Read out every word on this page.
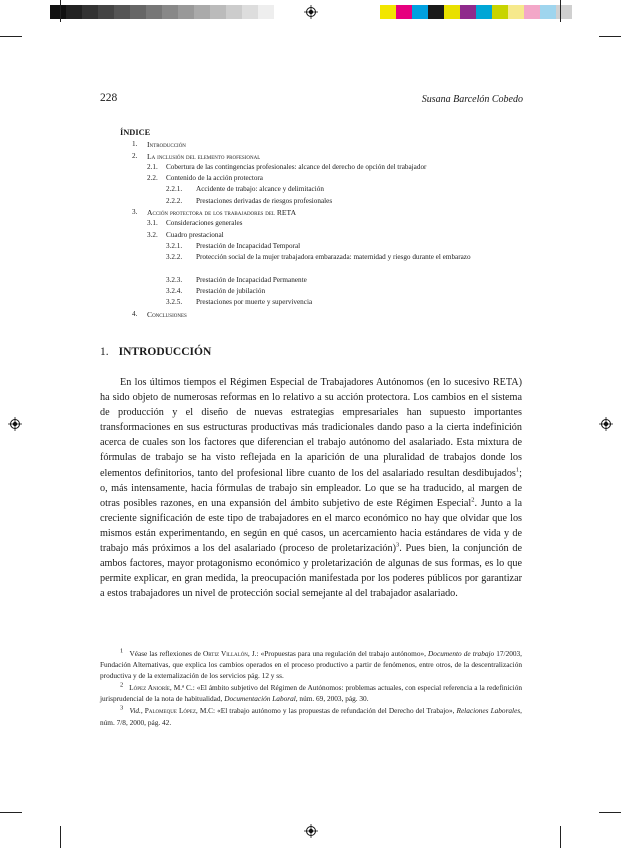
228	Susana Barcelón Cobedo
ÍNDICE
1. Introducción
2. La inclusión del elemento profesional
2.1. Cobertura de las contingencias profesionales: alcance del derecho de opción del trabajador
2.2. Contenido de la acción protectora
2.2.1. Accidente de trabajo: alcance y delimitación
2.2.2. Prestaciones derivadas de riesgos profesionales
3. Acción protectora de los trabajadores del RETA
3.1. Consideraciones generales
3.2. Cuadro prestacional
3.2.1. Prestación de Incapacidad Temporal
3.2.2. Protección social de la mujer trabajadora embarazada: maternidad y riesgo durante el embarazo
3.2.3. Prestación de Incapacidad Permanente
3.2.4. Prestación de jubilación
3.2.5. Prestaciones por muerte y supervivencia
4. Conclusiones
1. INTRODUCCIÓN

En los últimos tiempos el Régimen Especial de Trabajadores Autónomos (en lo sucesivo RETA) ha sido objeto de numerosas reformas en lo relativo a su acción protectora. Los cambios en el sistema de producción y el diseño de nuevas estrategias empresariales han supuesto importantes transformaciones en sus estructuras productivas más tradicionales dando paso a la cierta indefinición acerca de cuales son los factores que diferencian el trabajo autónomo del asalariado. Esta mixtura de fórmulas de trabajo se ha visto reflejada en la aparición de una pluralidad de trabajos donde los elementos definitorios, tanto del profesional libre cuanto de los del asalariado resultan desdibujados$^1$; o, más intensamente, hacia fórmulas de trabajo sin empleador. Lo que se ha traducido, al margen de otras posibles razones, en una expansión del ámbito subjetivo de este Régimen Especial$^2$. Junto a la creciente significación de este tipo de trabajadores en el marco económico no hay que olvidar que los mismos están experimentando, en según en qué casos, un acercamiento hacia estándares de vida y de trabajo más próximos a los del asalariado (proceso de proletarización)$^3$. Pues bien, la conjunción de ambos factores, mayor protagonismo económico y proletarización de algunas de sus formas, es lo que permite explicar, en gran medida, la preocupación manifestada por los poderes públicos por garantizar a estos trabajadores un nivel de protección social semejante al del trabajador asalariado.

$^1$ Véase las reflexiones de Ortiz Villalón, J.: «Propuestas para una regulación del trabajo autónomo», Documento de trabajo 17/2003, Fundación Alternativas, que explica los cambios operados en el proceso productivo a partir de fenómenos, entre otros, de la descentralización productiva y de la externalización de los servicios pág. 12 y ss.

$^2$ López Anioríe, M.ª C.: «El ámbito subjetivo del Régimen de Autónomos: problemas actuales, con especial referencia a la redefinición jurisprudencial de la nota de habitualidad, Documentación Laboral, núm. 69, 2003, pág. 30.

$^3$ Vid., Palomeque López, M.C: «El trabajo autónomo y las propuestas de refundación del Derecho del Trabajo», Relaciones Laborales, núm. 7/8, 2000, pág. 42.
